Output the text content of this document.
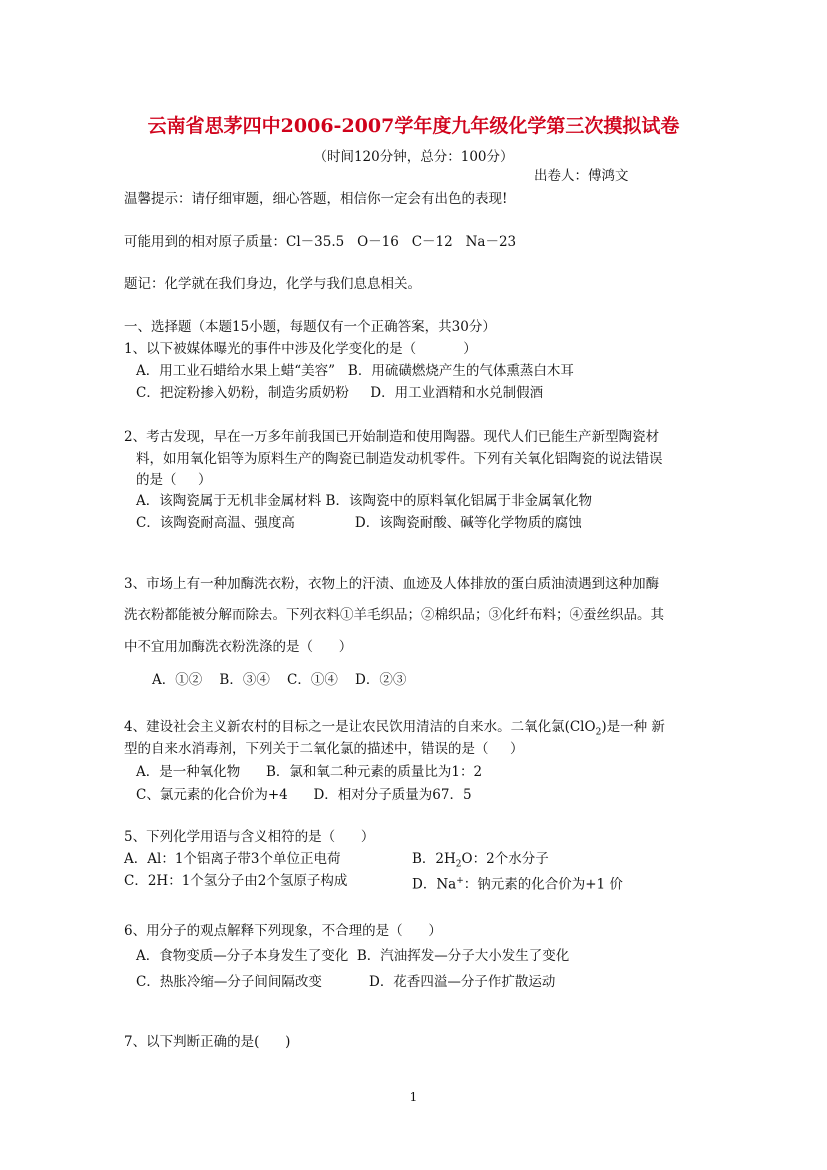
云南省思茅四中2006-2007学年度九年级化学第三次摸拟试卷
（时间120分钟，总分：100分）
出卷人：傅鸿文
温馨提示：请仔细审题，细心答题，相信你一定会有出色的表现!
可能用到的相对原子质量：Cl－35.5   O－16   C－12   Na－23
题记：化学就在我们身边，化学与我们息息相关。
一、选择题（本题15小题，每题仅有一个正确答案，共30分）
1、以下被媒体曝光的事件中涉及化学变化的是（           ）
A．用工业石蜡给水果上蜡“美容”   B．用硫磺燃烧产生的气体熏蒸白木耳
C．把淀粉掺入奶粉，制造劣质奶粉     D．用工业酒精和水兑制假酒
2、考古发现，早在一万多年前我国已开始制造和使用陶器。现代人们已能生产新型陶瓷材
料，如用氧化铝等为原料生产的陶瓷已制造发动机零件。下列有关氧化铝陶瓷的说法错误
的是（     ）
A．该陶瓷属于无机非金属材料 B．该陶瓷中的原料氧化铝属于非金属氧化物
C．该陶瓷耐高温、强度高              D．该陶瓷耐酸、碱等化学物质的腐蚀
3、市场上有一种加酶洗衣粉，衣物上的汗渍、血迹及人体排放的蛋白质油渍遇到这种加酶
洗衣粉都能被分解而除去。下列衣料①羊毛织品；②棉织品；③化纤布料；④蚕丝织品。其
中不宜用加酶洗衣粉洗涤的是（      ）
A．①②    B．③④    C．①④    D．②③
4、建设社会主义新农村的目标之一是让农民饮用清洁的自来水。二氧化氯(ClO$_2$)是一种 新
型的自来水消毒剂，下列关于二氧化氯的描述中，错误的是（     ）
A．是一种氧化物      B．氯和氧二种元素的质量比为1：2
C、氯元素的化合价为+4      D．相对分子质量为67．5
5、下列化学用语与含义相符的是（      ）
A．Al：1个铝离子带3个单位正电荷	B．$2H_2O$：2个水分子
C．2H：1个氢分子由2个氢原子构成	D．Na+：钠元素的化合价为+1 价
6、用分子的观点解释下列现象，不合理的是（      ）
A．食物变质—分子本身发生了变化  B．汽油挥发—分子大小发生了变化
C．热胀冷缩—分子间间隔改变           D．花香四溢—分子作扩散运动
7、以下判断正确的是(      )
1
